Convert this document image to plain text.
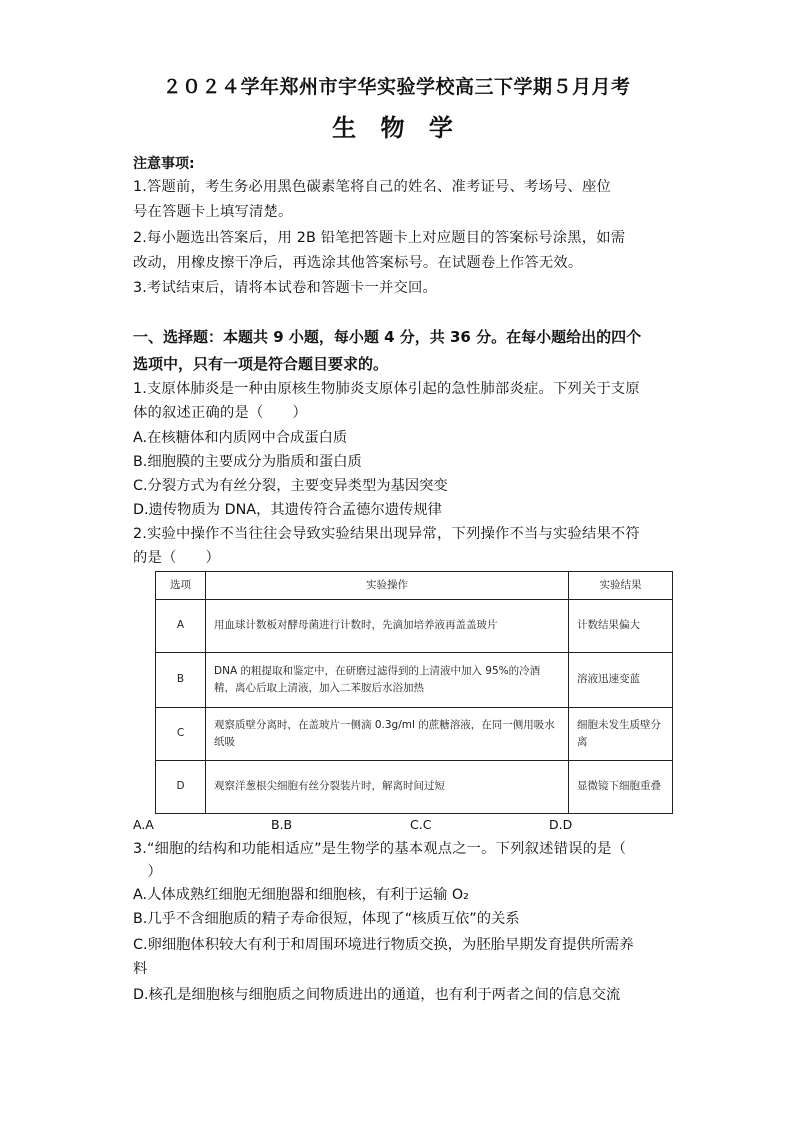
２０２４学年郑州市宇华实验学校高三下学期５月月考
生 物 学
注意事项:
1.答题前，考生务必用黑色碳素笔将自己的姓名、准考证号、考场号、座位
号在答题卡上填写清楚。
2.每小题选出答案后，用 2B 铅笔把答题卡上对应题目的答案标号涂黑，如需
改动，用橡皮擦干净后，再选涂其他答案标号。在试题卷上作答无效。
3.考试结束后，请将本试卷和答题卡一并交回。
一、选择题：本题共 9 小题，每小题 4 分，共 36 分。在每小题给出的四个
选项中，只有一项是符合题目要求的。
1.支原体肺炎是一种由原核生物肺炎支原体引起的急性肺部炎症。下列关于支原
体的叙述正确的是（　　）
A.在核糖体和内质网中合成蛋白质
B.细胞膜的主要成分为脂质和蛋白质
C.分裂方式为有丝分裂，主要变异类型为基因突变
D.遗传物质为 DNA，其遗传符合孟德尔遗传规律
2.实验中操作不当往往会导致实验结果出现异常，下列操作不当与实验结果不符
的是（　　）
选项	实验操作	实验结果
A	用血球计数板对酵母菌进行计数时，先滴加培养液再盖盖玻片	计数结果偏大
B	DNA 的粗提取和鉴定中，在研磨过滤得到的上清液中加入 95%的冷酒精，离心后取上清液，加入二苯胺后水浴加热	溶液迅速变蓝
C	观察质壁分离时，在盖玻片一侧滴 0.3g/ml 的蔗糖溶液，在同一侧用吸水纸吸	细胞未发生质壁分离
D	观察洋葱根尖细胞有丝分裂装片时，解离时间过短	显微镜下细胞重叠
A.A	B.B	C.C	D.D
3.“细胞的结构和功能相适应”是生物学的基本观点之一。下列叙述错误的是（
　）
A.人体成熟红细胞无细胞器和细胞核，有利于运输 O₂
B.几乎不含细胞质的精子寿命很短，体现了“核质互依”的关系
C.卵细胞体积较大有利于和周围环境进行物质交换，为胚胎早期发育提供所需养
料
D.核孔是细胞核与细胞质之间物质进出的通道，也有利于两者之间的信息交流
